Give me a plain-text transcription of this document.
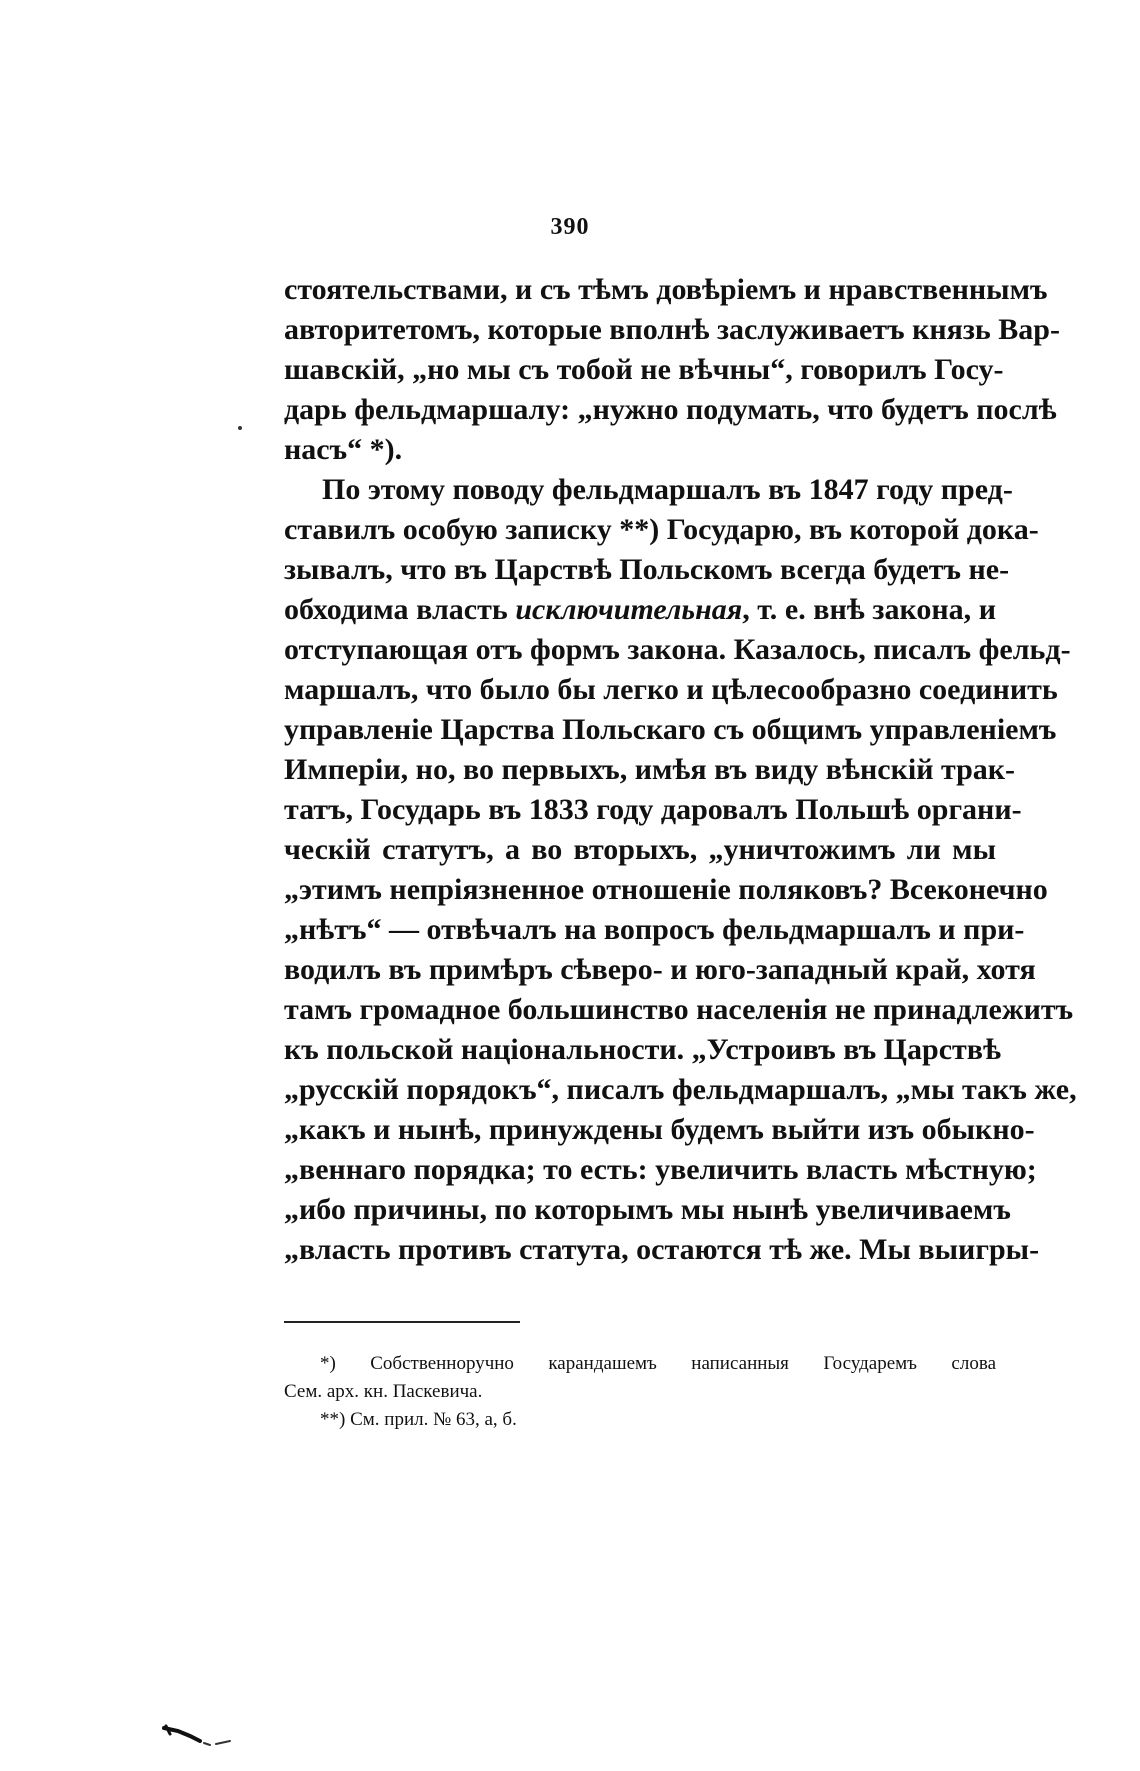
390
стоятельствами, и съ тѣмъ довѣріемъ и нравственнымъ
авторитетомъ, которые вполнѣ заслуживаетъ князь Вар-
шавскій, „но мы съ тобой не вѣчны“, говорилъ Госу-
дарь фельдмаршалу: „нужно подумать, что будетъ послѣ
насъ“ *).
По этому поводу фельдмаршалъ въ 1847 году пред-
ставилъ особую записку **) Государю, въ которой дока-
зывалъ, что въ Царствѣ Польскомъ всегда будетъ не-
обходима власть исключительная, т. е. внѣ закона, и
отступающая отъ формъ закона. Казалось, писалъ фельд-
маршалъ, что было бы легко и цѣлесообразно соединить
управленіе Царства Польскаго съ общимъ управленіемъ
Имперіи, но, во первыхъ, имѣя въ виду вѣнскій трак-
татъ, Государь въ 1833 году даровалъ Польшѣ органи-
ческій статутъ, а во вторыхъ, „уничтожимъ ли мы
„этимъ непріязненное отношеніе поляковъ? Всеконечно
„нѣтъ“ — отвѣчалъ на вопросъ фельдмаршалъ и при-
водилъ въ примѣръ сѣверо- и юго-западный край, хотя
тамъ громадное большинство населенія не принадлежитъ
къ польской національности. „Устроивъ въ Царствѣ
„русскій порядокъ“, писалъ фельдмаршалъ, „мы такъ же,
„какъ и нынѣ, принуждены будемъ выйти изъ обыкно-
„веннаго порядка; то есть: увеличить власть мѣстную;
„ибо причины, по которымъ мы нынѣ увеличиваемъ
„власть противъ статута, остаются тѣ же. Мы выигры-
*) Собственноручно карандашемъ написанныя Государемъ слова
Сем. арх. кн. Паскевича.
**) См. прил. № 63, а, б.
